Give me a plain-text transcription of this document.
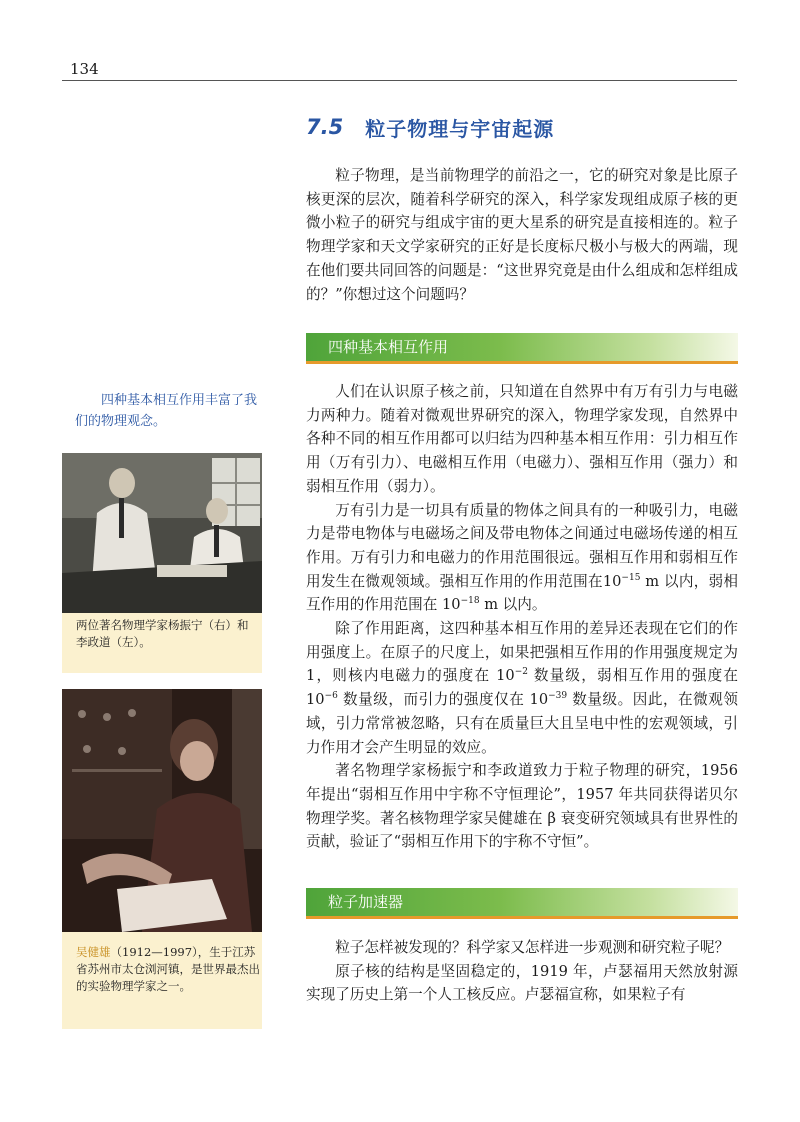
134
7.5 粒子物理与宇宙起源

粒子物理，是当前物理学的前沿之一，它的研究对象是比原子核更深的层次，随着科学研究的深入，科学家发现组成原子核的更微小粒子的研究与组成宇宙的更大星系的研究是直接相连的。粒子物理学家和天文学家研究的正好是长度标尺极小与极大的两端，现在他们要共同回答的问题是：“这世界究竟是由什么组成和怎样组成的？”你想过这个问题吗？

四种基本相互作用

人们在认识原子核之前，只知道在自然界中有万有引力与电磁力两种力。随着对微观世界研究的深入，物理学家发现，自然界中各种不同的相互作用都可以归结为四种基本相互作用：引力相互作用（万有引力）、电磁相互作用（电磁力）、强相互作用（强力）和弱相互作用（弱力）。

万有引力是一切具有质量的物体之间具有的一种吸引力，电磁力是带电物体与电磁场之间及带电物体之间通过电磁场传递的相互作用。万有引力和电磁力的作用范围很远。强相互作用和弱相互作用发生在微观领域。强相互作用的作用范围在$10^{-15}$ m 以内，弱相互作用的作用范围在 $10^{-18}$ m 以内。

除了作用距离，这四种基本相互作用的差异还表现在它们的作用强度上。在原子的尺度上，如果把强相互作用的作用强度规定为 1，则核内电磁力的强度在 $10^{-2}$ 数量级，弱相互作用的强度在 $10^{-6}$ 数量级，而引力的强度仅在 $10^{-39}$ 数量级。因此，在微观领域，引力常常被忽略，只有在质量巨大且呈电中性的宏观领域，引力作用才会产生明显的效应。

著名物理学家杨振宁和李政道致力于粒子物理的研究，1956 年提出“弱相互作用中宇称不守恒理论”，1957 年共同获得诺贝尔物理学奖。著名核物理学家吴健雄在 β 衰变研究领域具有世界性的贡献，验证了“弱相互作用下的宇称不守恒”。

粒子加速器

粒子怎样被发现的？科学家又怎样进一步观测和研究粒子呢？

原子核的结构是坚固稳定的，1919 年，卢瑟福用天然放射源实现了历史上第一个人工核反应。卢瑟福宣称，如果粒子有

四种基本相互作用丰富了我们的物理观念。
两位著名物理学家杨振宁（右）和李政道（左）。
吴健雄（1912—1997），生于江苏省苏州市太仓浏河镇，是世界最杰出的实验物理学家之一。
